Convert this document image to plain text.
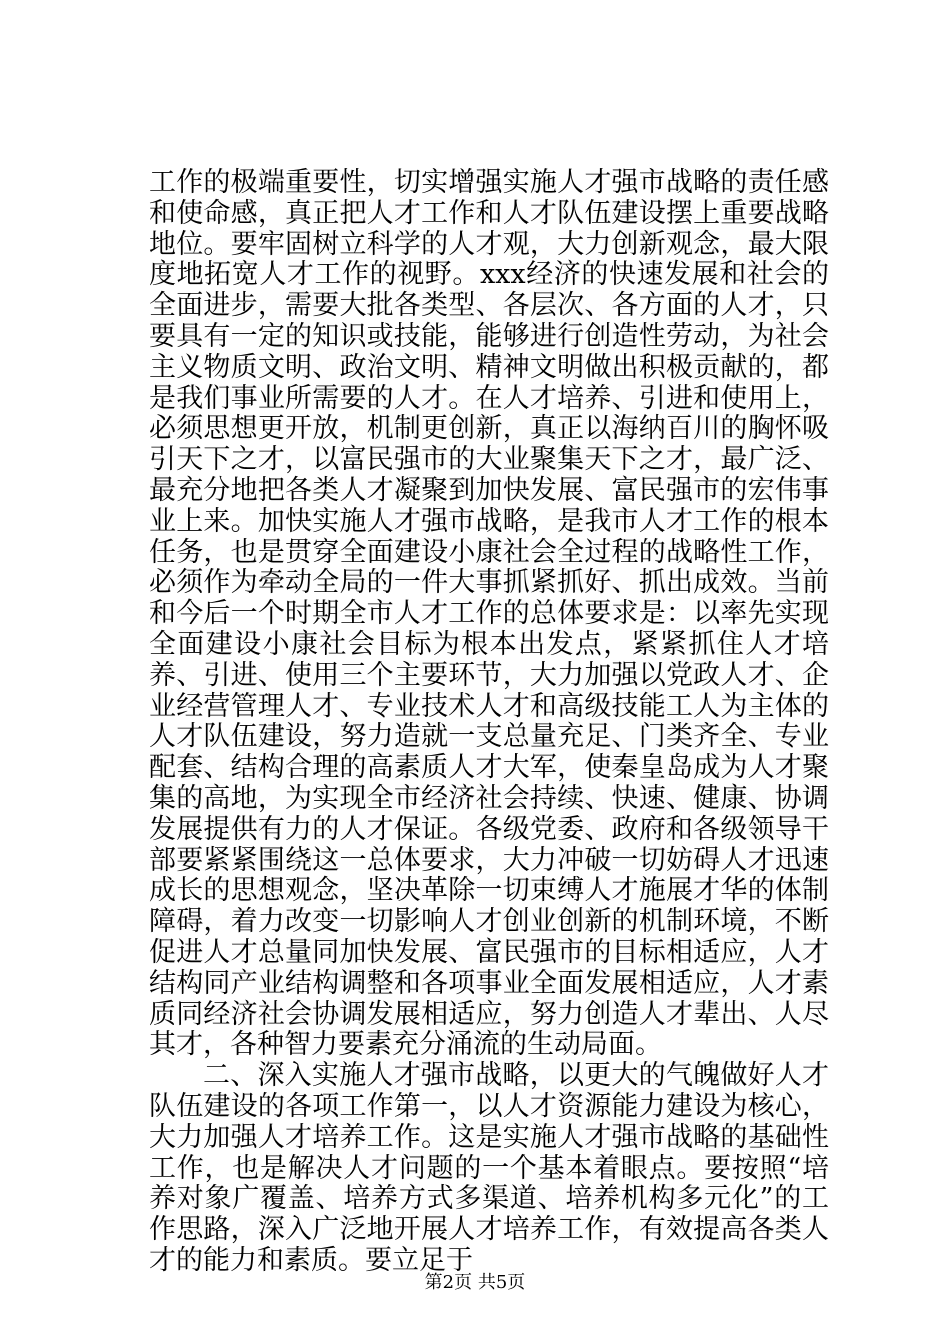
工作的极端重要性，切实增强实施人才强市战略的责任感和使命感，真正把人才工作和人才队伍建设摆上重要战略地位。要牢固树立科学的人才观，大力创新观念，最大限度地拓宽人才工作的视野。xxx经济的快速发展和社会的全面进步，需要大批各类型、各层次、各方面的人才，只要具有一定的知识或技能，能够进行创造性劳动，为社会主义物质文明、政治文明、精神文明做出积极贡献的，都是我们事业所需要的人才。在人才培养、引进和使用上，必须思想更开放，机制更创新，真正以海纳百川的胸怀吸引天下之才，以富民强市的大业聚集天下之才，最广泛、最充分地把各类人才凝聚到加快发展、富民强市的宏伟事业上来。加快实施人才强市战略，是我市人才工作的根本任务，也是贯穿全面建设小康社会全过程的战略性工作，必须作为牵动全局的一件大事抓紧抓好、抓出成效。当前和今后一个时期全市人才工作的总体要求是：以率先实现全面建设小康社会目标为根本出发点，紧紧抓住人才培养、引进、使用三个主要环节，大力加强以党政人才、企业经营管理人才、专业技术人才和高级技能工人为主体的人才队伍建设，努力造就一支总量充足、门类齐全、专业配套、结构合理的高素质人才大军，使秦皇岛成为人才聚集的高地，为实现全市经济社会持续、快速、健康、协调发展提供有力的人才保证。各级党委、政府和各级领导干部要紧紧围绕这一总体要求，大力冲破一切妨碍人才迅速成长的思想观念，坚决革除一切束缚人才施展才华的体制障碍，着力改变一切影响人才创业创新的机制环境，不断促进人才总量同加快发展、富民强市的目标相适应，人才结构同产业结构调整和各项事业全面发展相适应，人才素质同经济社会协调发展相适应，努力创造人才辈出、人尽其才，各种智力要素充分涌流的生动局面。

二、深入实施人才强市战略，以更大的气魄做好人才队伍建设的各项工作第一，以人才资源能力建设为核心，大力加强人才培养工作。这是实施人才强市战略的基础性工作，也是解决人才问题的一个基本着眼点。要按照“培养对象广覆盖、培养方式多渠道、培养机构多元化”的工作思路，深入广泛地开展人才培养工作，有效提高各类人才的能力和素质。要立足于

第2页 共5页
